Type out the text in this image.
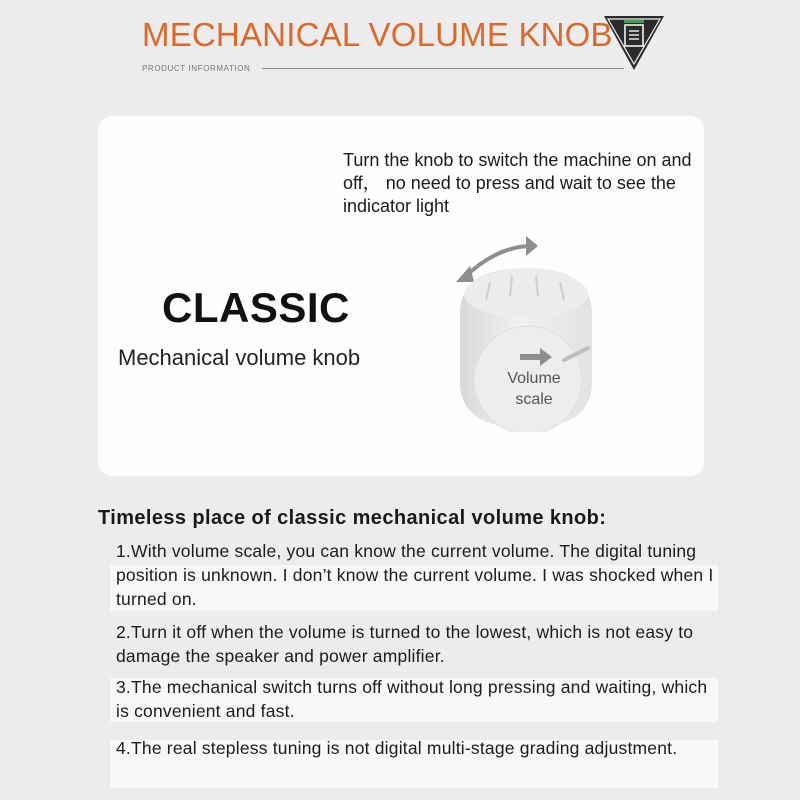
MECHANICAL VOLUME KNOB
PRODUCT INFORMATION
Turn the knob to switch the machine on and off， no need to press and wait to see the indicator light
CLASSIC
Mechanical volume knob
Volume scale
Timeless place of classic mechanical volume knob:
1.With volume scale, you can know the current volume. The digital tuning position is unknown. I don’t know the current volume. I was shocked when I turned on.
2.Turn it off when the volume is turned to the lowest, which is not easy to damage the speaker and power amplifier.
3.The mechanical switch turns off without long pressing and waiting, which is convenient and fast.
4.The real stepless tuning is not digital multi-stage grading adjustment.
